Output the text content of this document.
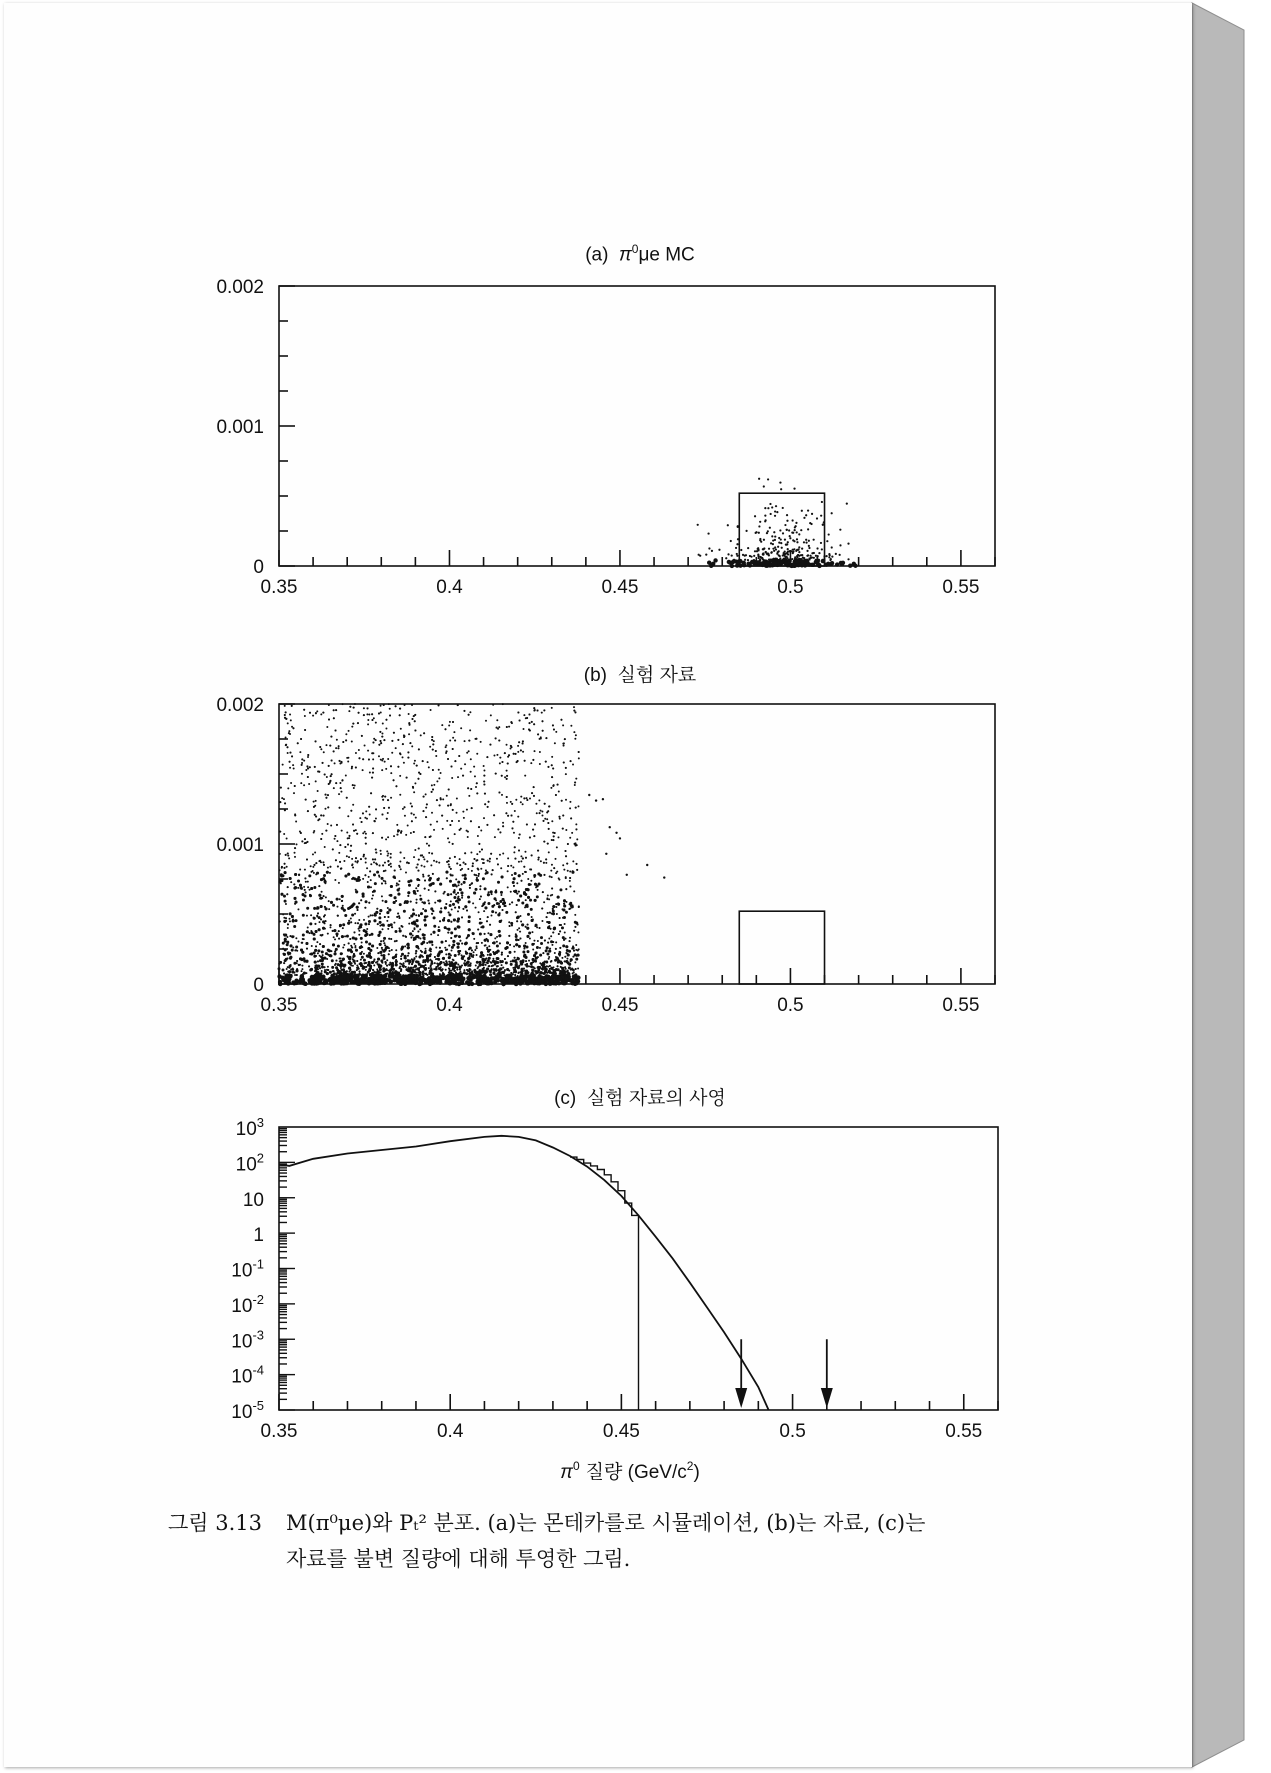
(a) $\pi^0\mu e$ MC
(b) 실험 자료
(c) 실험 자료의 사영
0.35	0.4	0.45	0.5	0.55
0
0.001
0.002
0.35	0.4	0.45	0.5	0.55
0
0.001
0.002
0.35	0.4	0.45	0.5	0.55
$10^3$
$10^2$
10
1
$10^{-1}$
$10^{-2}$
$10^{-3}$
$10^{-4}$
$10^{-5}$
$\pi^0$ 질량 $(GeV/c^2)$
그림 3.13 M(π⁰μe)와 Pₜ² 분포. (a)는 몬테카를로 시뮬레이션, (b)는 자료, (c)는
자료를 불변 질량에 대해 투영한 그림.
